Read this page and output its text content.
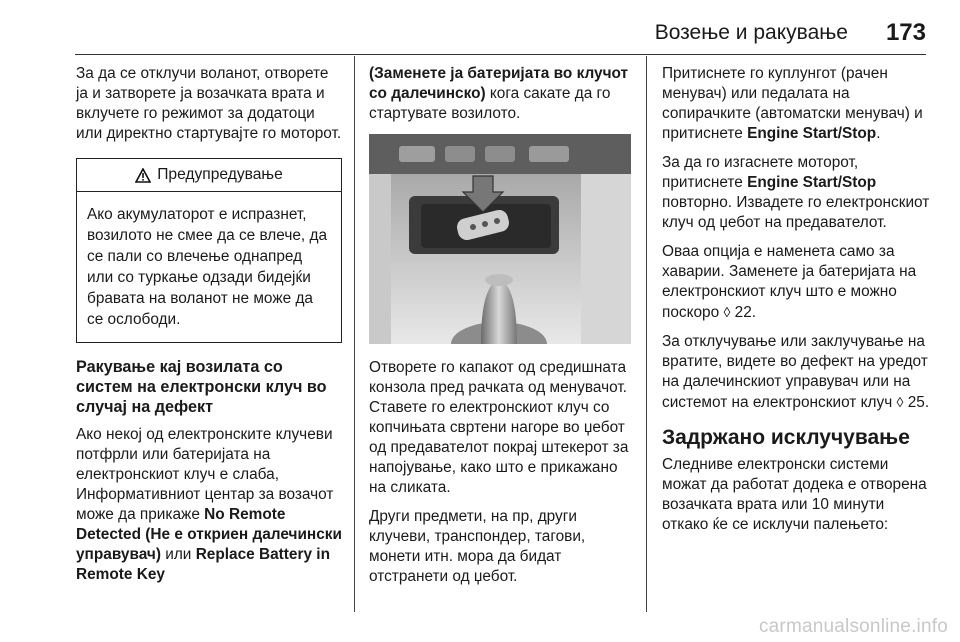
Возење и ракување 173

За да се отклучи воланот, отворете ја и затворете ја возачката врата и вклучете го режимот за додатоци или директно стартувајте го моторот.

Предупредување
Ако акумулаторот е испразнет, возилото не смее да се влече, да се пали со влечење однапред или со туркање одзади бидејќи бравата на воланот не може да се ослободи.
Ракување кај возилата со систем на електронски клуч во случај на дефект

Ако некој од електронските клучеви потфрли или батеријата на електронскиот клуч е слаба, Информативниот центар за возачот може да прикаже No Remote Detected (Не е откриен далечински управувач) или Replace Battery in Remote Key

(Заменете ја батеријата во клучот со далечинско) кога сакате да го стартувате возилото.

Отворете го капакот од средишната конзола пред рачката од менувачот. Ставете го електронскиот клуч со копчињата свртени нагоре во џебот од предавателот покрај штекерот за напојување, како што е прикажано на сликата.

Други предмети, на пр, други клучеви, транспондер, тагови, монети итн. мора да бидат отстранети од џебот.

Притиснете го куплунгот (рачен менувач) или педалата на сопирачките (автоматски менувач) и притиснете Engine Start/Stop.

За да го изгаснете моторот, притиснете Engine Start/Stop повторно. Извадете го електронскиот клуч од џебот на предавателот.

Оваа опција е наменета само за хаварии. Заменете ја батеријата на електронскиот клуч што е можно поскоро ◊ 22.

За отклучување или заклучување на вратите, видете во дефект на уредот на далечинскиот управувач или на системот на електронскиот клуч ◊ 25.

Задржано исклучување

Следниве електронски системи можат да работат додека е отворена возачката врата или 10 минути откако ќе се исклучи палењето:

carmanualsonline.info
